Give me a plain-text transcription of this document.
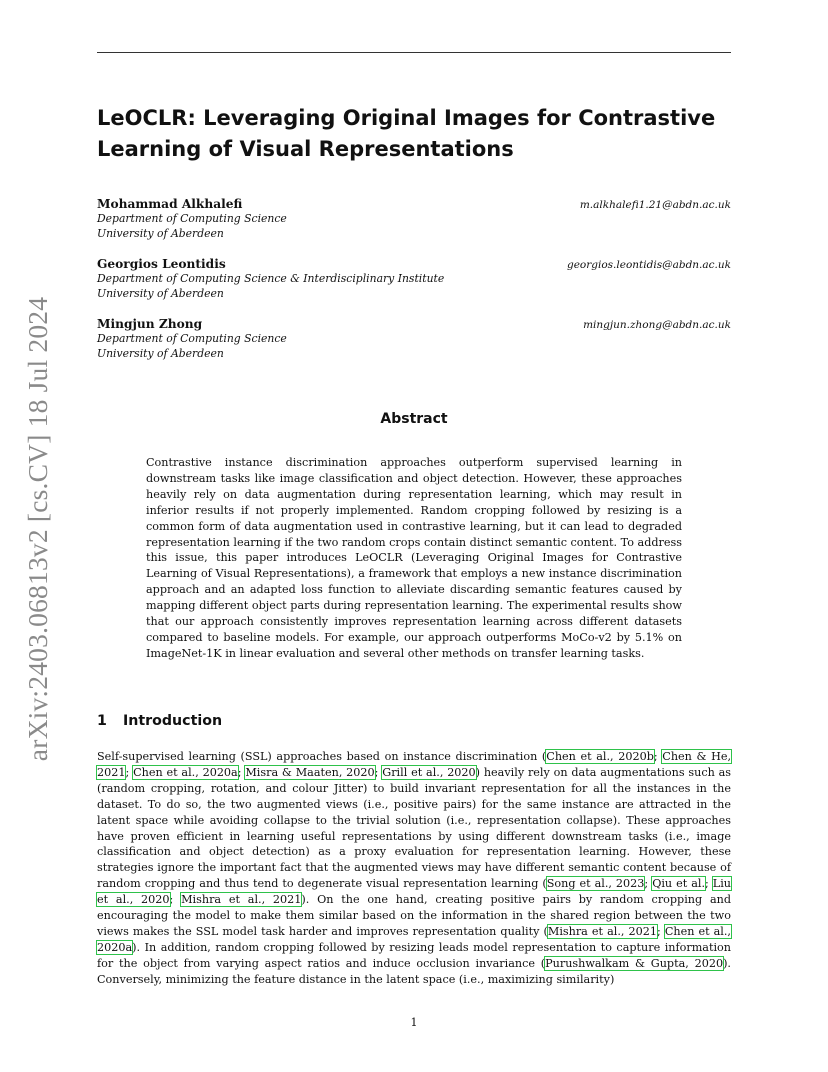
arXiv:2403.06813v2 [cs.CV] 18 Jul 2024
LeOCLR: Leveraging Original Images for Contrastive Learning of Visual Representations
Mohammad Alkhalefi	m.alkhalefi1.21@abdn.ac.uk
Department of Computing Science
University of Aberdeen
Georgios Leontidis	georgios.leontidis@abdn.ac.uk
Department of Computing Science & Interdisciplinary Institute
University of Aberdeen
Mingjun Zhong	mingjun.zhong@abdn.ac.uk
Department of Computing Science
University of Aberdeen
Abstract

Contrastive instance discrimination approaches outperform supervised learning in downstream tasks like image classification and object detection. However, these approaches heavily rely on data augmentation during representation learning, which may result in inferior results if not properly implemented. Random cropping followed by resizing is a common form of data augmentation used in contrastive learning, but it can lead to degraded representation learning if the two random crops contain distinct semantic content. To address this issue, this paper introduces LeOCLR (Leveraging Original Images for Contrastive Learning of Visual Representations), a framework that employs a new instance discrimination approach and an adapted loss function to alleviate discarding semantic features caused by mapping different object parts during representation learning. The experimental results show that our approach consistently improves representation learning across different datasets compared to baseline models. For example, our approach outperforms MoCo-v2 by 5.1% on ImageNet-1K in linear evaluation and several other methods on transfer learning tasks.

1 Introduction

Self-supervised learning (SSL) approaches based on instance discrimination (Chen et al., 2020b; Chen & He, 2021; Chen et al., 2020a; Misra & Maaten, 2020; Grill et al., 2020) heavily rely on data augmentations such as (random cropping, rotation, and colour Jitter) to build invariant representation for all the instances in the dataset. To do so, the two augmented views (i.e., positive pairs) for the same instance are attracted in the latent space while avoiding collapse to the trivial solution (i.e., representation collapse). These approaches have proven efficient in learning useful representations by using different downstream tasks (i.e., image classification and object detection) as a proxy evaluation for representation learning. However, these strategies ignore the important fact that the augmented views may have different semantic content because of random cropping and thus tend to degenerate visual representation learning (Song et al., 2023; Qiu et al.; Liu et al., 2020; Mishra et al., 2021). On the one hand, creating positive pairs by random cropping and encouraging the model to make them similar based on the information in the shared region between the two views makes the SSL model task harder and improves representation quality (Mishra et al., 2021; Chen et al., 2020a). In addition, random cropping followed by resizing leads model representation to capture information for the object from varying aspect ratios and induce occlusion invariance (Purushwalkam & Gupta, 2020). Conversely, minimizing the feature distance in the latent space (i.e., maximizing similarity)

1
